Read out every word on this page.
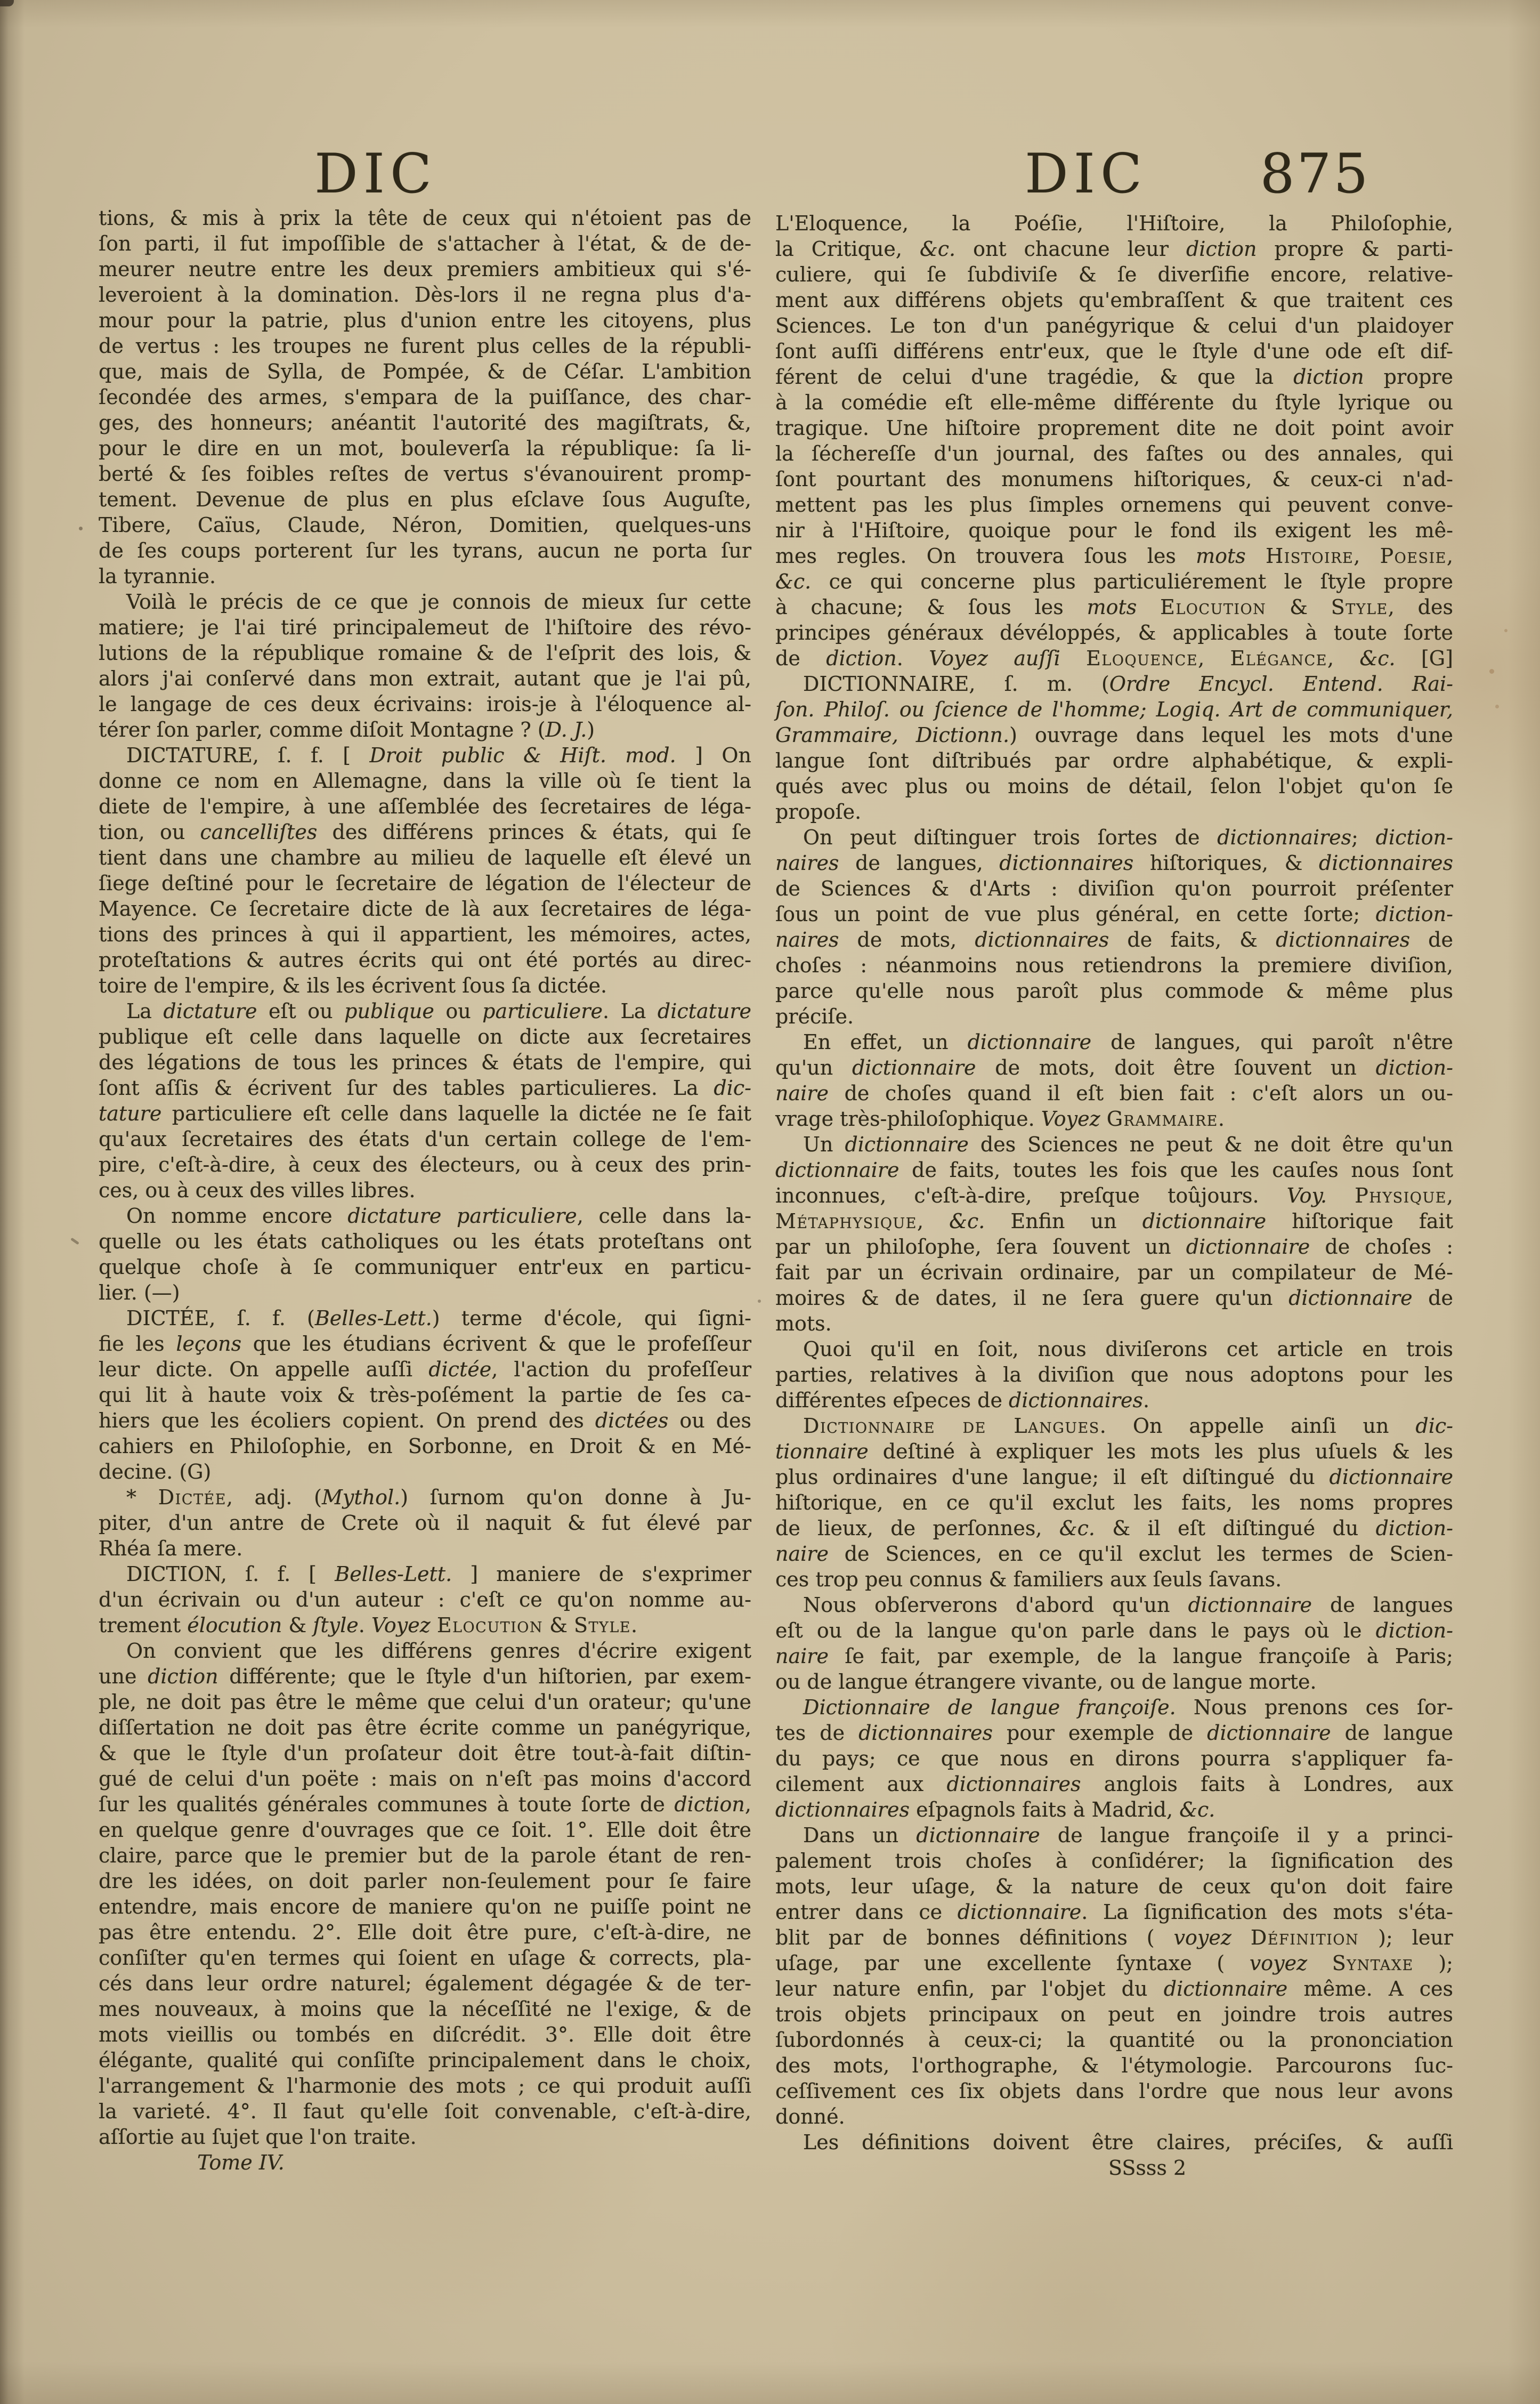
DIC	DIC 875
tions, & mis à prix la tête de ceux qui n'étoient pas de
ſon parti, il fut impoſſible de s'attacher à l'état, & de de-
meurer neutre entre les deux premiers ambitieux qui s'é-
leveroient à la domination. Dès-lors il ne regna plus d'a-
mour pour la patrie, plus d'union entre les citoyens, plus
de vertus : les troupes ne furent plus celles de la républi-
que, mais de Sylla, de Pompée, & de Céſar. L'ambition
ſecondée des armes, s'empara de la puiſſance, des char-
ges, des honneurs; anéantit l'autorité des magiſtrats, &,
pour le dire en un mot, bouleverſa la république: ſa li-
berté & ſes foibles reſtes de vertus s'évanouirent promp-
tement. Devenue de plus en plus eſclave ſous Auguſte,
Tibere, Caïus, Claude, Néron, Domitien, quelques-uns
de ſes coups porterent ſur les tyrans, aucun ne porta ſur
la tyrannie.
Voilà le précis de ce que je connois de mieux ſur cette
matiere; je l'ai tiré principalemeut de l'hiſtoire des révo-
lutions de la république romaine & de l'eſprit des lois, &
alors j'ai conſervé dans mon extrait, autant que je l'ai pû,
le langage de ces deux écrivains: irois-je à l'éloquence al-
térer ſon parler, comme diſoit Montagne ? (D. J.)
DICTATURE, ſ. f. [ Droit public & Hiſt. mod. ] On
donne ce nom en Allemagne, dans la ville où ſe tient la
diete de l'empire, à une aſſemblée des ſecretaires de léga-
tion, ou cancelliſtes des différens princes & états, qui ſe
tient dans une chambre au milieu de laquelle eſt élevé un
ſiege deſtiné pour le ſecretaire de légation de l'électeur de
Mayence. Ce ſecretaire dicte de là aux ſecretaires de léga-
tions des princes à qui il appartient, les mémoires, actes,
proteſtations & autres écrits qui ont été portés au direc-
toire de l'empire, & ils les écrivent ſous ſa dictée.
La dictature eſt ou publique ou particuliere. La dictature
publique eſt celle dans laquelle on dicte aux ſecretaires
des légations de tous les princes & états de l'empire, qui
ſont aſſis & écrivent ſur des tables particulieres. La dic-
tature particuliere eſt celle dans laquelle la dictée ne ſe fait
qu'aux ſecretaires des états d'un certain college de l'em-
pire, c'eſt-à-dire, à ceux des électeurs, ou à ceux des prin-
ces, ou à ceux des villes libres.
On nomme encore dictature particuliere, celle dans la-
quelle ou les états catholiques ou les états proteſtans ont
quelque choſe à ſe communiquer entr'eux en particu-
lier. (—)
DICTÉE, ſ. f. (Belles-Lett.) terme d'école, qui ſigni-
fie les leçons que les étudians écrivent & que le profeſſeur
leur dicte. On appelle auſſi dictée, l'action du profeſſeur
qui lit à haute voix & très-poſément la partie de ſes ca-
hiers que les écoliers copient. On prend des dictées ou des
cahiers en Philoſophie, en Sorbonne, en Droit & en Mé-
decine. (G)
* Dictée, adj. (Mythol.) ſurnom qu'on donne à Ju-
piter, d'un antre de Crete où il naquit & fut élevé par
Rhéa ſa mere.
DICTION, ſ. f. [ Belles-Lett. ] maniere de s'exprimer
d'un écrivain ou d'un auteur : c'eſt ce qu'on nomme au-
trement élocution & ſtyle. Voyez Elocution & Style.
On convient que les différens genres d'écrire exigent
une diction différente; que le ſtyle d'un hiſtorien, par exem-
ple, ne doit pas être le même que celui d'un orateur; qu'une
diſſertation ne doit pas être écrite comme un panégyrique,
& que le ſtyle d'un proſateur doit être tout-à-fait diſtin-
gué de celui d'un poëte : mais on n'eſt pas moins d'accord
ſur les qualités générales communes à toute ſorte de diction,
en quelque genre d'ouvrages que ce ſoit. 1°. Elle doit être
claire, parce que le premier but de la parole étant de ren-
dre les idées, on doit parler non-ſeulement pour ſe faire
entendre, mais encore de maniere qu'on ne puiſſe point ne
pas être entendu. 2°. Elle doit être pure, c'eſt-à-dire, ne
conſiſter qu'en termes qui ſoient en uſage & corrects, pla-
cés dans leur ordre naturel; également dégagée & de ter-
mes nouveaux, à moins que la néceſſité ne l'exige, & de
mots vieillis ou tombés en diſcrédit. 3°. Elle doit être
élégante, qualité qui conſiſte principalement dans le choix,
l'arrangement & l'harmonie des mots ; ce qui produit auſſi
la varieté. 4°. Il faut qu'elle ſoit convenable, c'eſt-à-dire,
aſſortie au ſujet que l'on traite.
Tome IV.
L'Eloquence, la Poéſie, l'Hiſtoire, la Philoſophie,
la Critique, &c. ont chacune leur diction propre & parti-
culiere, qui ſe ſubdiviſe & ſe diverſifie encore, relative-
ment aux différens objets qu'embraſſent & que traitent ces
Sciences. Le ton d'un panégyrique & celui d'un plaidoyer
ſont auſſi différens entr'eux, que le ſtyle d'une ode eſt dif-
férent de celui d'une tragédie, & que la diction propre
à la comédie eſt elle-même différente du ſtyle lyrique ou
tragique. Une hiſtoire proprement dite ne doit point avoir
la ſéchereſſe d'un journal, des faſtes ou des annales, qui
ſont pourtant des monumens hiſtoriques, & ceux-ci n'ad-
mettent pas les plus ſimples ornemens qui peuvent conve-
nir à l'Hiſtoire, quoique pour le fond ils exigent les mê-
mes regles. On trouvera ſous les mots Histoire, Poesie,
&c. ce qui concerne plus particuliérement le ſtyle propre
à chacune; & ſous les mots Elocution & Style, des
principes généraux dévéloppés, & applicables à toute ſorte
de diction. Voyez auſſi Eloquence, Elégance, &c. [G]
DICTIONNAIRE, ſ. m. (Ordre Encycl. Entend. Rai-
ſon. Philoſ. ou ſcience de l'homme; Logiq. Art de communiquer,
Grammaire, Dictionn.) ouvrage dans lequel les mots d'une
langue ſont diſtribués par ordre alphabétique, & expli-
qués avec plus ou moins de détail, ſelon l'objet qu'on ſe
propoſe.
On peut diſtinguer trois ſortes de dictionnaires; diction-
naires de langues, dictionnaires hiſtoriques, & dictionnaires
de Sciences & d'Arts : diviſion qu'on pourroit préſenter
ſous un point de vue plus général, en cette ſorte; diction-
naires de mots, dictionnaires de faits, & dictionnaires de
choſes : néanmoins nous retiendrons la premiere diviſion,
parce qu'elle nous paroît plus commode & même plus
préciſe.
En effet, un dictionnaire de langues, qui paroît n'être
qu'un dictionnaire de mots, doit être ſouvent un diction-
naire de choſes quand il eſt bien fait : c'eſt alors un ou-
vrage très-philoſophique. Voyez Grammaire.
Un dictionnaire des Sciences ne peut & ne doit être qu'un
dictionnaire de faits, toutes les fois que les cauſes nous ſont
inconnues, c'eſt-à-dire, preſque toûjours. Voy. Physique,
Métaphysique, &c. Enfin un dictionnaire hiſtorique fait
par un philoſophe, ſera ſouvent un dictionnaire de choſes :
fait par un écrivain ordinaire, par un compilateur de Mé-
moires & de dates, il ne ſera guere qu'un dictionnaire de
mots.
Quoi qu'il en ſoit, nous diviſerons cet article en trois
parties, relatives à la diviſion que nous adoptons pour les
différentes eſpeces de dictionnaires.
Dictionnaire de Langues. On appelle ainſi un dic-
tionnaire deſtiné à expliquer les mots les plus uſuels & les
plus ordinaires d'une langue; il eſt diſtingué du dictionnaire
hiſtorique, en ce qu'il exclut les faits, les noms propres
de lieux, de perſonnes, &c. & il eſt diſtingué du diction-
naire de Sciences, en ce qu'il exclut les termes de Scien-
ces trop peu connus & familiers aux ſeuls ſavans.
Nous obſerverons d'abord qu'un dictionnaire de langues
eſt ou de la langue qu'on parle dans le pays où le diction-
naire ſe fait, par exemple, de la langue françoiſe à Paris;
ou de langue étrangere vivante, ou de langue morte.
Dictionnaire de langue françoiſe. Nous prenons ces ſor-
tes de dictionnaires pour exemple de dictionnaire de langue
du pays; ce que nous en dirons pourra s'appliquer fa-
cilement aux dictionnaires anglois faits à Londres, aux
dictionnaires eſpagnols faits à Madrid, &c.
Dans un dictionnaire de langue françoiſe il y a princi-
palement trois choſes à conſidérer; la ſignification des
mots, leur uſage, & la nature de ceux qu'on doit faire
entrer dans ce dictionnaire. La ſignification des mots s'éta-
blit par de bonnes définitions ( voyez Définition ); leur
uſage, par une excellente ſyntaxe ( voyez Syntaxe );
leur nature enfin, par l'objet du dictionnaire même. A ces
trois objets principaux on peut en joindre trois autres
ſubordonnés à ceux-ci; la quantité ou la prononciation
des mots, l'orthographe, & l'étymologie. Parcourons ſuc-
ceſſivement ces ſix objets dans l'ordre que nous leur avons
donné.
Les définitions doivent être claires, préciſes, & auſſi
SSsss 2
